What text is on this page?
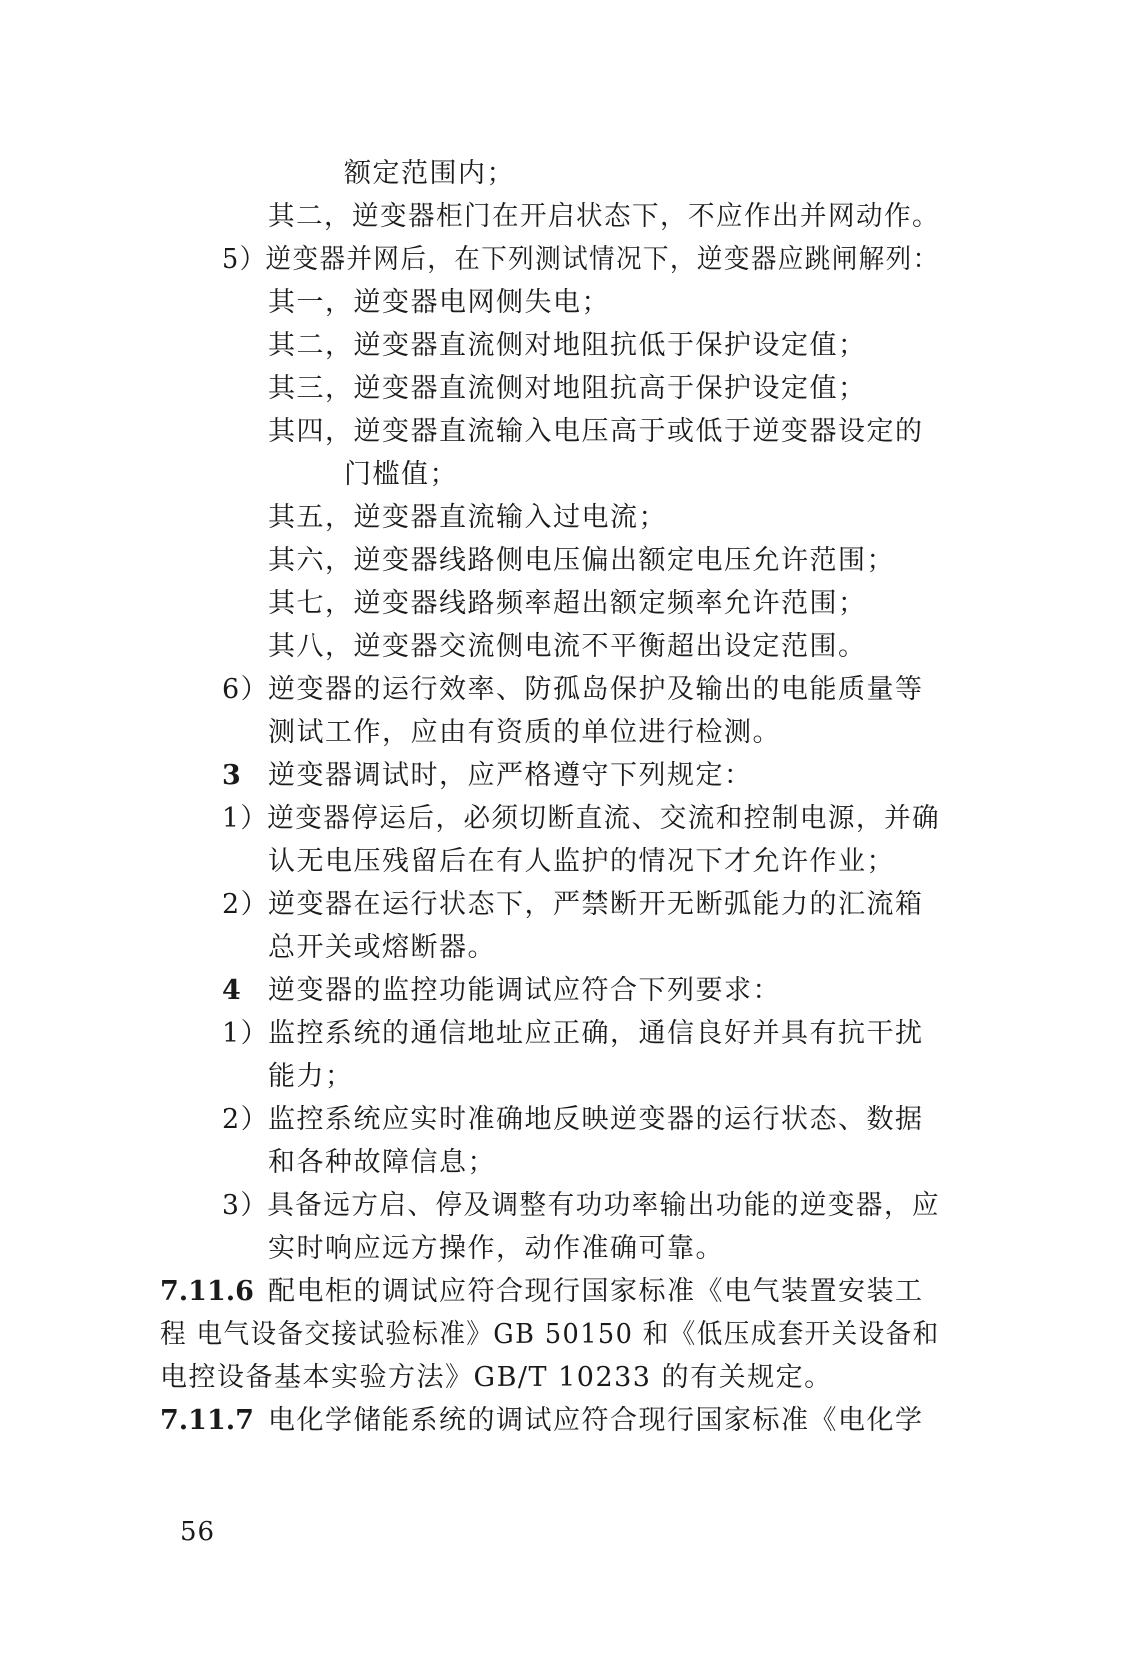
额定范围内；
其二，逆变器柜门在开启状态下，不应作出并网动作。
5）逆变器并网后，在下列测试情况下，逆变器应跳闸解列：
其一，逆变器电网侧失电；
其二，逆变器直流侧对地阻抗低于保护设定值；
其三，逆变器直流侧对地阻抗高于保护设定值；
其四，逆变器直流输入电压高于或低于逆变器设定的
门槛值；
其五，逆变器直流输入过电流；
其六，逆变器线路侧电压偏出额定电压允许范围；
其七，逆变器线路频率超出额定频率允许范围；
其八，逆变器交流侧电流不平衡超出设定范围。
6）逆变器的运行效率、防孤岛保护及输出的电能质量等
测试工作，应由有资质的单位进行检测。
3 逆变器调试时，应严格遵守下列规定：
1）逆变器停运后，必须切断直流、交流和控制电源，并确
认无电压残留后在有人监护的情况下才允许作业；
2）逆变器在运行状态下，严禁断开无断弧能力的汇流箱
总开关或熔断器。
4 逆变器的监控功能调试应符合下列要求：
1）监控系统的通信地址应正确，通信良好并具有抗干扰
能力；
2）监控系统应实时准确地反映逆变器的运行状态、数据
和各种故障信息；
3）具备远方启、停及调整有功功率输出功能的逆变器，应
实时响应远方操作，动作准确可靠。
7.11.6 配电柜的调试应符合现行国家标准《电气装置安装工
程 电气设备交接试验标准》GB 50150 和《低压成套开关设备和
电控设备基本实验方法》GB/T 10233 的有关规定。
7.11.7 电化学储能系统的调试应符合现行国家标准《电化学
56
